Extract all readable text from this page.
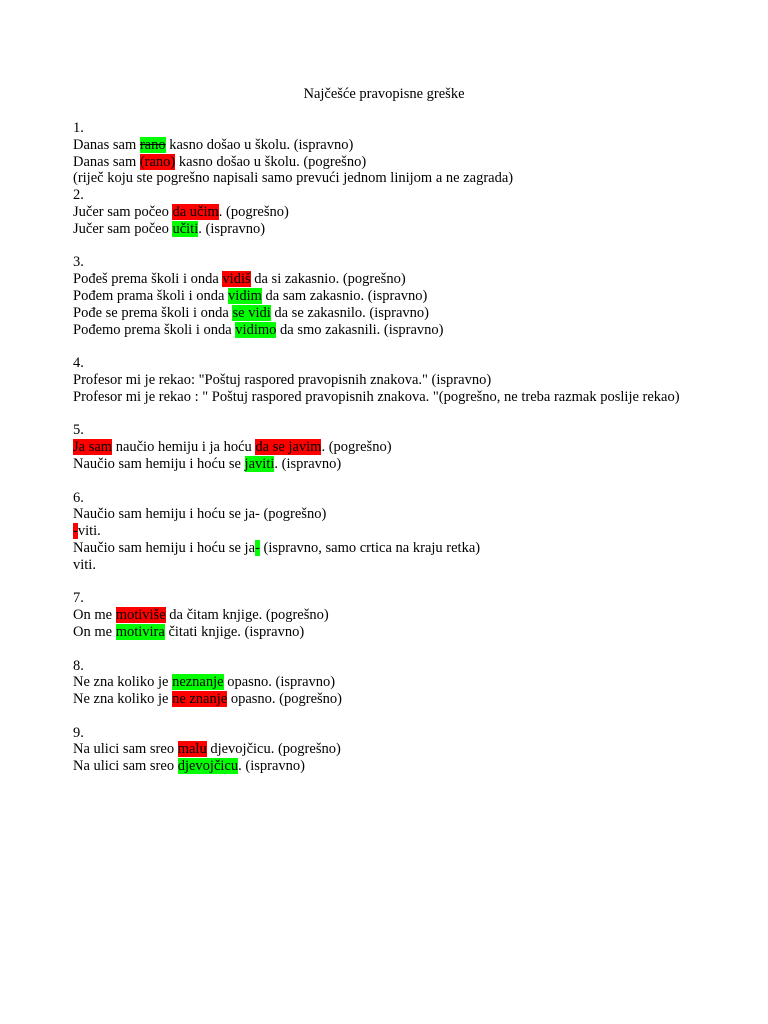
Najčešće pravopisne greške
1.
Danas sam rano kasno došao u školu. (ispravno)
Danas sam (rano) kasno došao u školu. (pogrešno)
(riječ koju ste pogrešno napisali samo prevući jednom linijom a ne zagrada)
2.
Jučer sam počeo da učim. (pogrešno)
Jučer sam počeo učiti. (ispravno)
3.
Pođeš prema školi i onda vidiš da si zakasnio. (pogrešno)
Pođem prama školi i onda vidim da sam zakasnio. (ispravno)
Pođe se prema školi i onda se vidi da se zakasnilo. (ispravno)
Pođemo prema školi i onda vidimo da smo zakasnili. (ispravno)
4.
Profesor mi je rekao: "Poštuj raspored pravopisnih znakova." (ispravno)
Profesor mi je rekao : " Poštuj raspored pravopisnih znakova. "(pogrešno, ne treba razmak poslije rekao)
5.
Ja sam naučio hemiju i ja hoću da se javim. (pogrešno)
Naučio sam hemiju i hoću se javiti. (ispravno)
6.
Naučio sam hemiju i hoću se ja- (pogrešno)
-viti.
Naučio sam hemiju i hoću se ja- (ispravno, samo crtica na kraju retka)
viti.
7.
On me motiviše da čitam knjige. (pogrešno)
On me motivira čitati knjige. (ispravno)
8.
Ne zna koliko je neznanje opasno. (ispravno)
Ne zna koliko je ne znanje opasno. (pogrešno)
9.
Na ulici sam sreo malu djevojčicu. (pogrešno)
Na ulici sam sreo djevojčicu. (ispravno)
